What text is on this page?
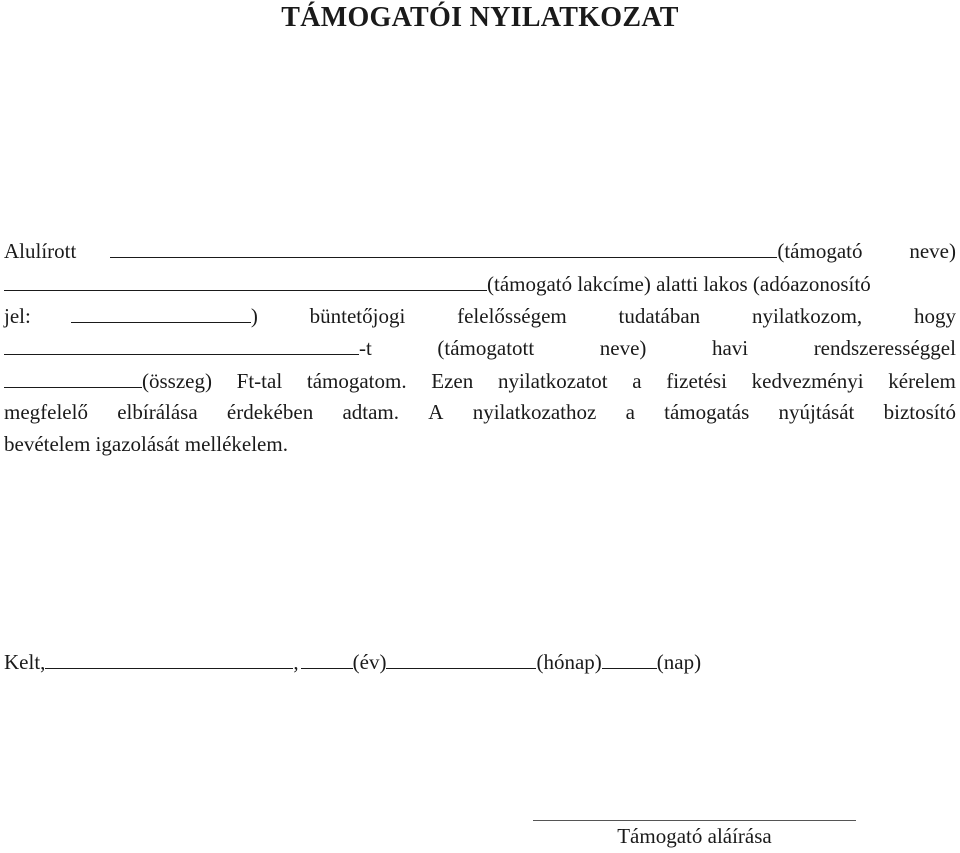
TÁMOGATÓI NYILATKOZAT
Alulírott	(támogató neve)
(támogató lakcíme) alatti lakos (adóazonosító
jel:	) büntetőjogi felelősségem tudatában nyilatkozom, hogy
-t	(támogatott	neve)	havi	rendszerességgel
(összeg) Ft-tal támogatom. Ezen nyilatkozatot a fizetési kedvezményi kérelem
megfelelő elbírálása érdekében adtam. A nyilatkozathoz a támogatás nyújtását biztosító
bevételem igazolását mellékelem.
Kelt,	,	(év)	(hónap)	(nap)
Támogató aláírása
